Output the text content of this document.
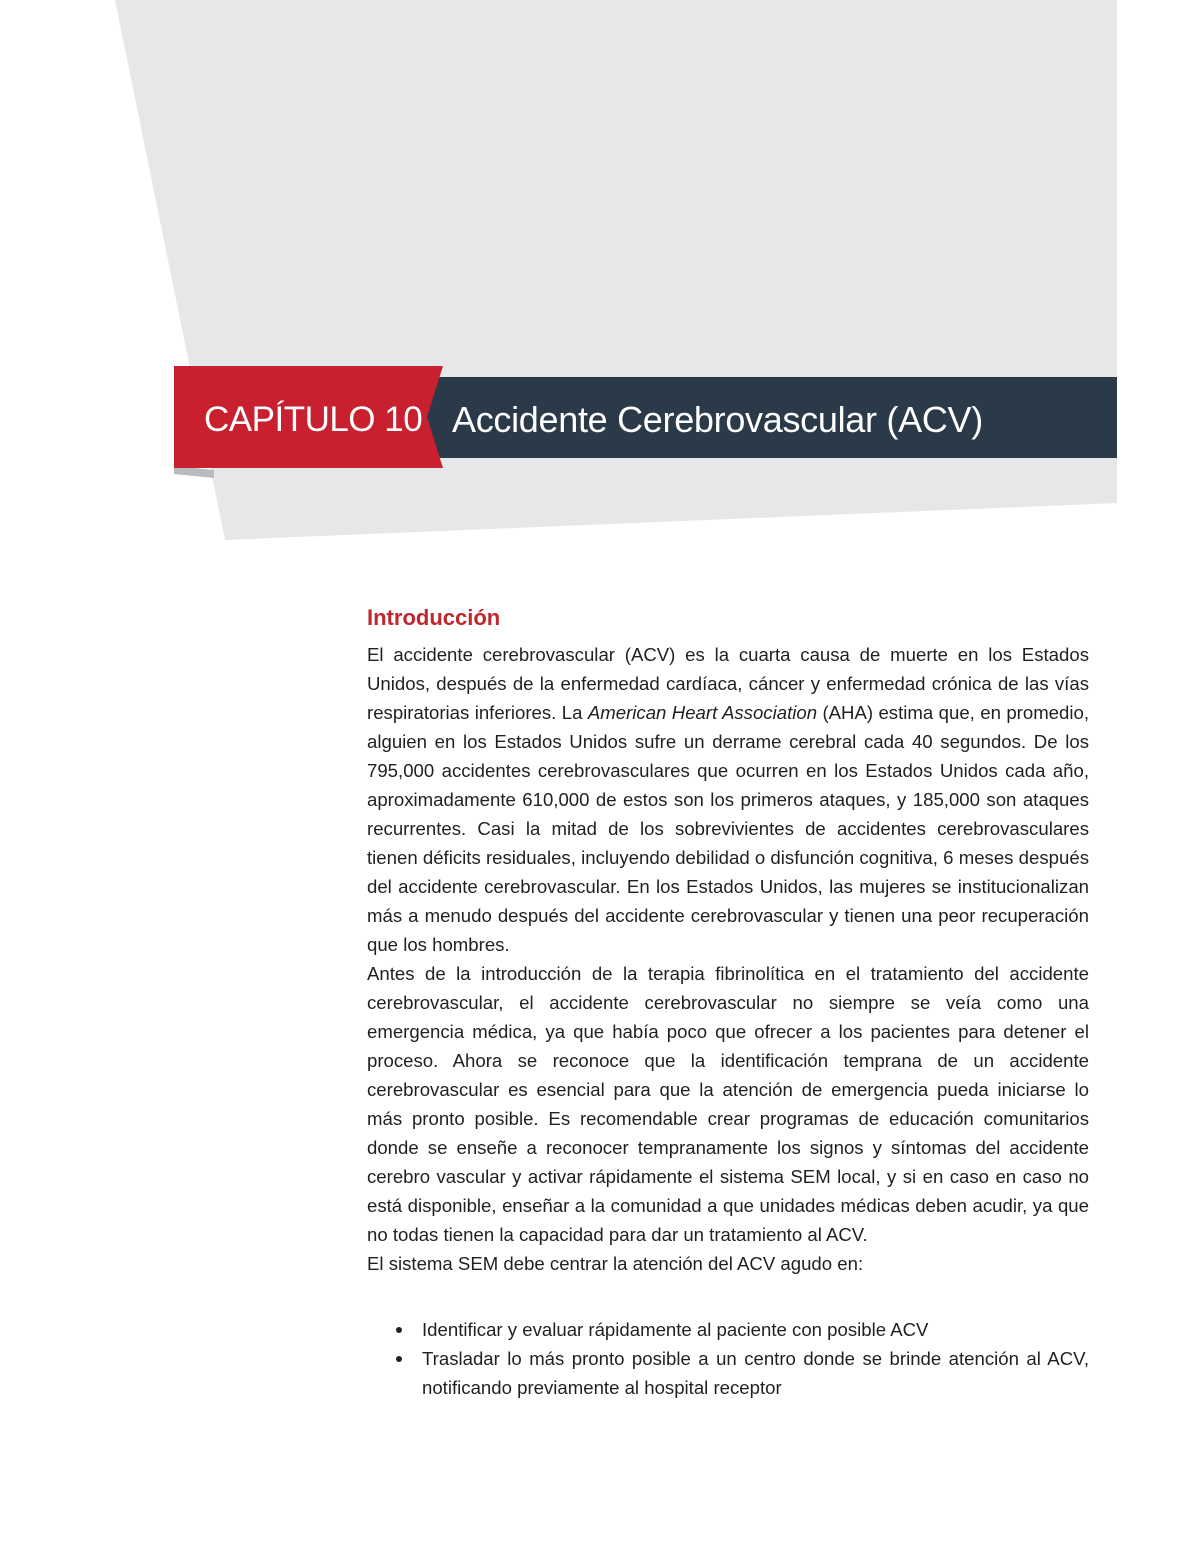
CAPÍTULO 10 Accidente Cerebrovascular (ACV)
Introducción

El accidente cerebrovascular (ACV) es la cuarta causa de muerte en los Estados Unidos, después de la enfermedad cardíaca, cáncer y enfermedad crónica de las vías respiratorias inferiores. La American Heart Association (AHA) estima que, en promedio, alguien en los Estados Unidos sufre un derrame cerebral cada 40 segundos. De los 795,000 accidentes cerebrovasculares que ocurren en los Estados Unidos cada año, aproximadamente 610,000 de estos son los primeros ataques, y 185,000 son ataques recurrentes. Casi la mitad de los sobrevivientes de accidentes cerebrovasculares tienen déficits residuales, incluyendo debilidad o disfunción cognitiva, 6 meses después del accidente cerebrovascular. En los Estados Unidos, las mujeres se institucionalizan más a menudo después del accidente cerebrovascular y tienen una peor recuperación que los hombres.

Antes de la introducción de la terapia fibrinolítica en el tratamiento del accidente cerebrovascular, el accidente cerebrovascular no siempre se veía como una emergencia médica, ya que había poco que ofrecer a los pacientes para detener el proceso. Ahora se reconoce que la identificación temprana de un accidente cerebrovascular es esencial para que la atención de emergencia pueda iniciarse lo más pronto posible. Es recomendable crear programas de educación comunitarios donde se enseñe a reconocer tempranamente los signos y síntomas del accidente cerebro vascular y activar rápidamente el sistema SEM local, y si en caso en caso no está disponible, enseñar a la comunidad a que unidades médicas deben acudir, ya que no todas tienen la capacidad para dar un tratamiento al ACV.

El sistema SEM debe centrar la atención del ACV agudo en:

Identificar y evaluar rápidamente al paciente con posible ACV
Trasladar lo más pronto posible a un centro donde se brinde atención al ACV, notificando previamente al hospital receptor
